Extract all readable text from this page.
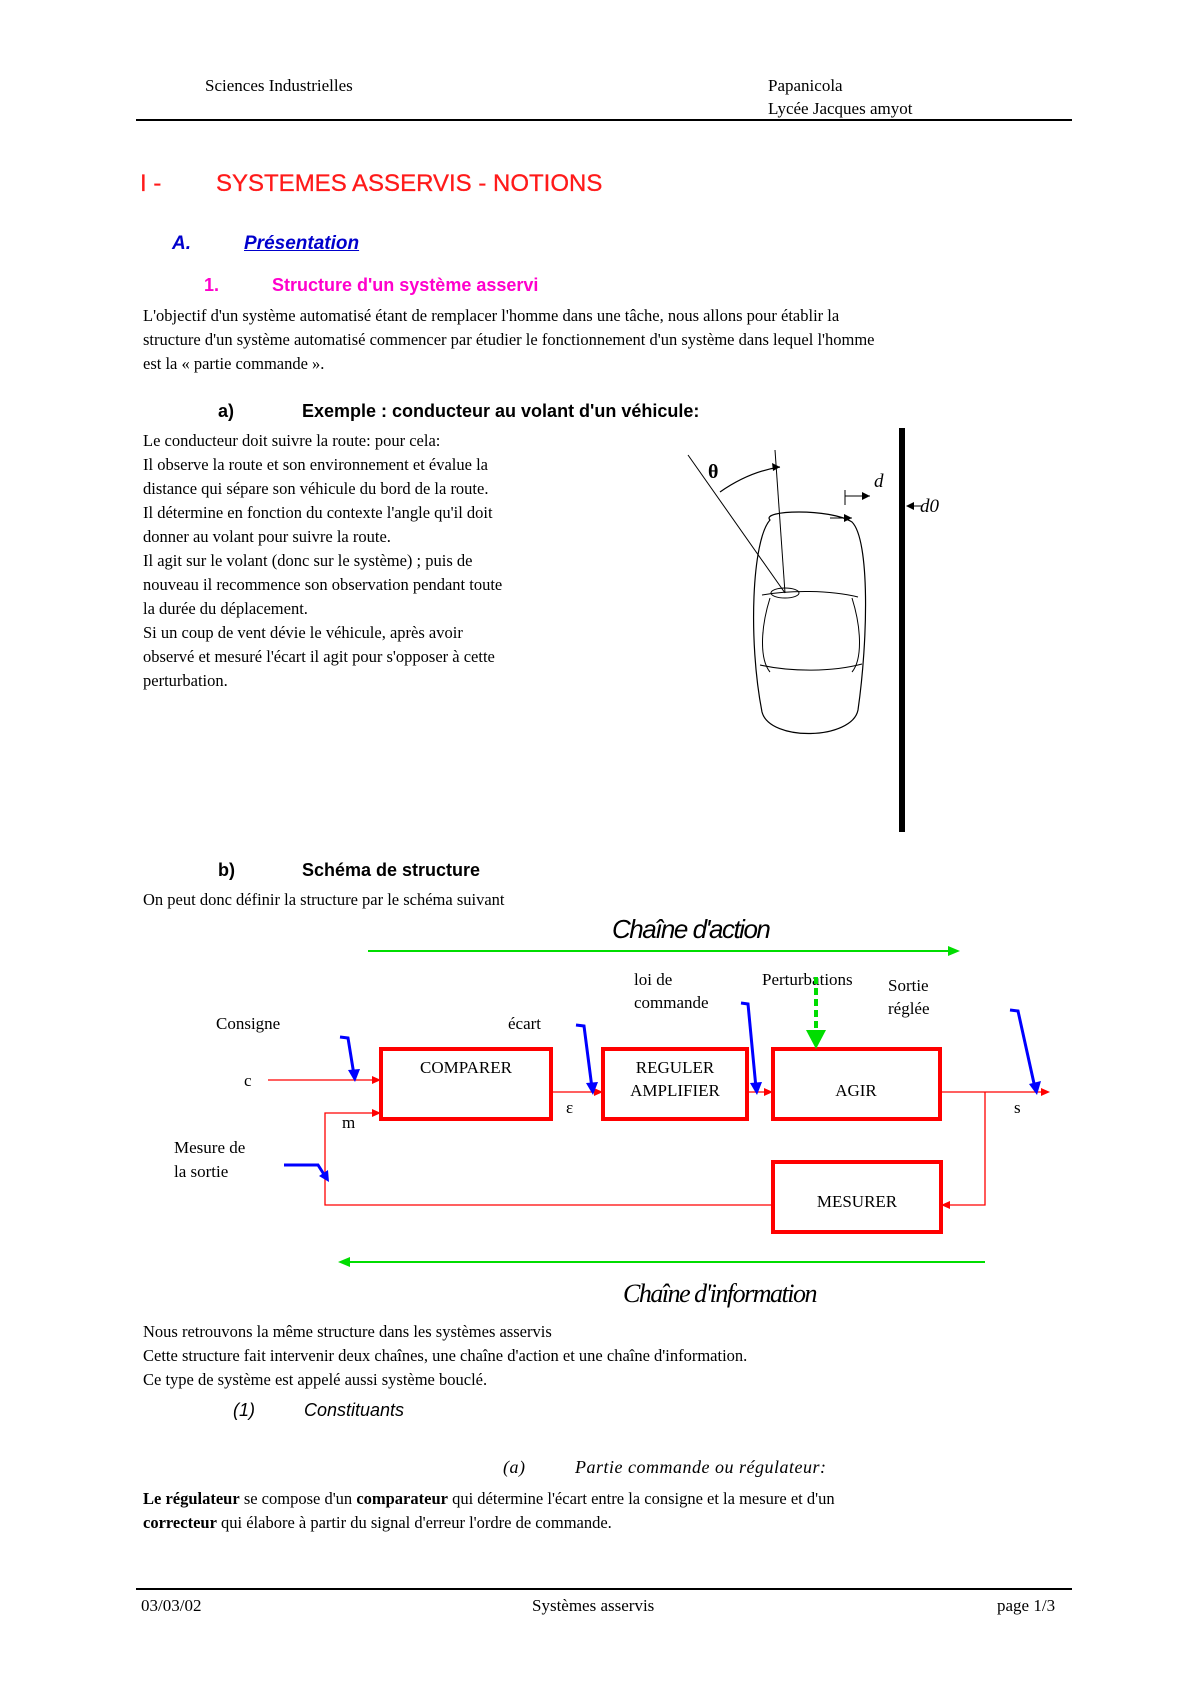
Sciences Industrielles	Papanicola
Lycée Jacques amyot
I - SYSTEMES ASSERVIS - NOTIONS
A.	Présentation
1.	Structure d'un système asservi
L'objectif d'un système automatisé étant de remplacer l'homme dans une tâche, nous allons pour établir la
structure d'un système automatisé commencer par étudier le fonctionnement d'un système dans lequel l'homme
est la « partie commande ».
a)	Exemple : conducteur au volant d'un véhicule:
Le conducteur doit suivre la route: pour cela:
Il observe la route et son environnement et évalue la
distance qui sépare son véhicule du bord de la route.
Il détermine en fonction du contexte l'angle qu'il doit
donner au volant pour suivre la route.
Il agit sur le volant (donc sur le système) ; puis de
nouveau il recommence son observation pendant toute
la durée du déplacement.
Si un coup de vent dévie le véhicule, après avoir
observé et mesuré l'écart il agit pour s'opposer à cette
perturbation.
θ	d
d0
b)	Schéma de structure
On peut donc définir la structure par le schéma suivant
Chaîne d'action
loi de
commande
Perturbations Sortie
réglée
Consigne	écart
COMPARER	REGULER
AMPLIFIER	AGIR
MESURER
c
m
ε	s
Mesure de
la sortie
Chaîne d'information
Nous retrouvons la même structure dans les systèmes asservis
Cette structure fait intervenir deux chaînes, une chaîne d'action et une chaîne d'information.
Ce type de système est appelé aussi système bouclé.
(1)	Constituants
(a)	Partie commande ou régulateur:
Le régulateur se compose d'un comparateur qui détermine l'écart entre la consigne et la mesure et d'un
correcteur qui élabore à partir du signal d'erreur l'ordre de commande.
03/03/02	Systèmes asservis	page 1/3
